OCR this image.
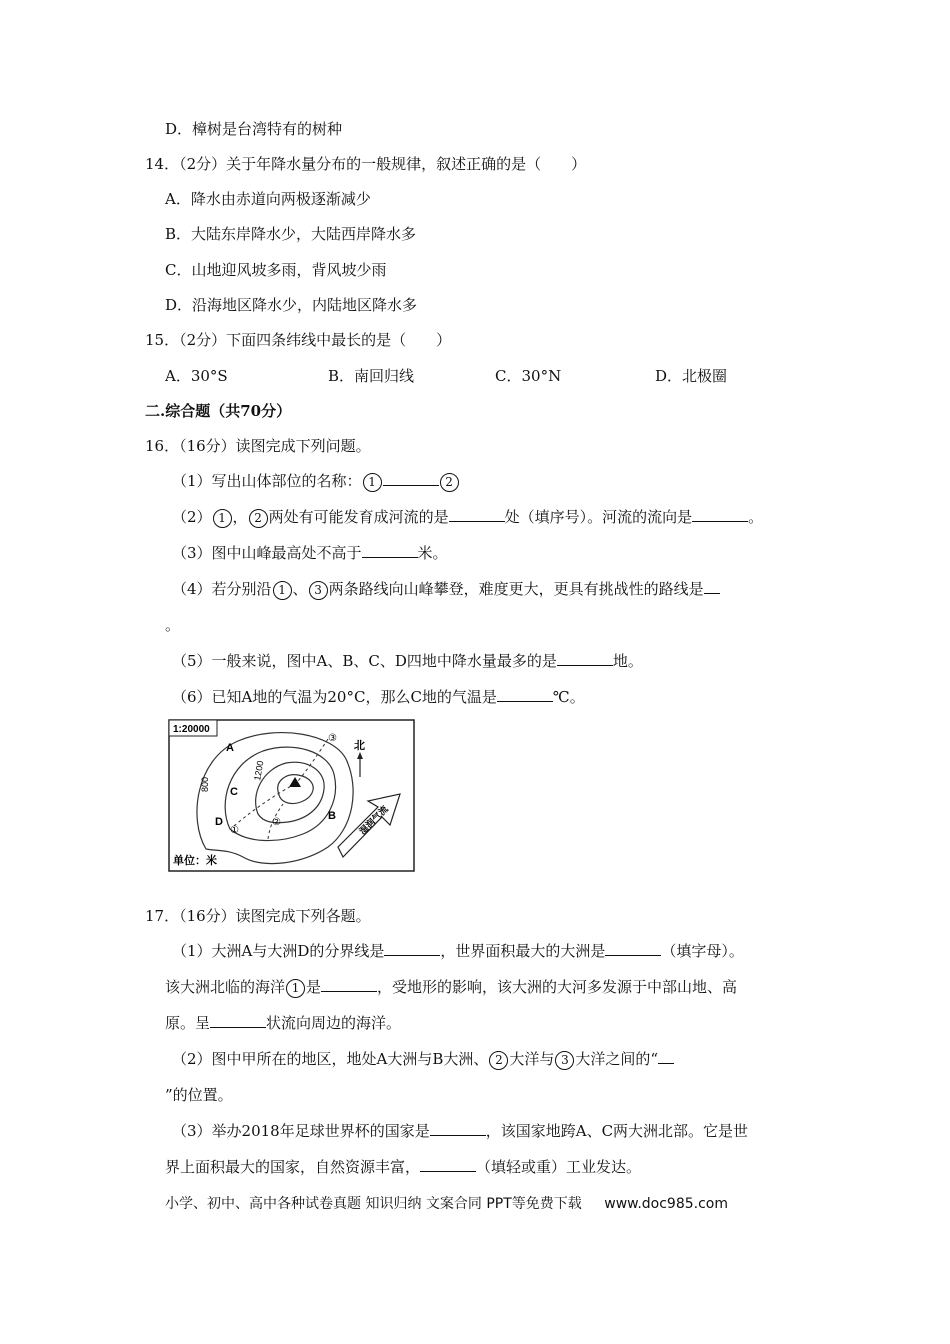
D．樟树是台湾特有的树种
14．（2分）关于年降水量分布的一般规律，叙述正确的是（　　）
A．降水由赤道向两极逐渐减少
B．大陆东岸降水少，大陆西岸降水多
C．山地迎风坡多雨，背风坡少雨
D．沿海地区降水少，内陆地区降水多
15．（2分）下面四条纬线中最长的是（　　）
A．30°S	B．南回归线	C．30°N	D．北极圈
二.综合题（共70分）
16．（16分）读图完成下列问题。
（1）写出山体部位的名称： 1	2
（2） 1 ， 2 两处有可能发育成河流的是	处（填序号）。河流的流向是	。
（3）图中山峰最高处不高于	米。
（4）若分别沿 1 、 3 两条路线向山峰攀登，难度更大，更具有挑战性的路线是
。
（5）一般来说，图中A、B、C、D四地中降水量最多的是	地。
（6）已知A地的气温为20°C，那么C地的气温是	℃。
1:20000
A
B
C
D
①
②
③
800
1200
北
湿润气流
单位：米
17．（16分）读图完成下列各题。
（1）大洲A与大洲D的分界线是	，世界面积最大的大洲是	（填字母）。
该大洲北临的海洋 1 是	，受地形的影响，该大洲的大河多发源于中部山地、高
原。呈	状流向周边的海洋。
（2）图中甲所在的地区，地处A大洲与B大洲、 2 大洋与 3 大洋之间的“
”的位置。
（3）举办2018年足球世界杯的国家是	，该国家地跨A、C两大洲北部。它是世
界上面积最大的国家，自然资源丰富，	（填轻或重）工业发达。
小学、初中、高中各种试卷真题 知识归纳 文案合同 PPT等免费下载 www.doc985.com
